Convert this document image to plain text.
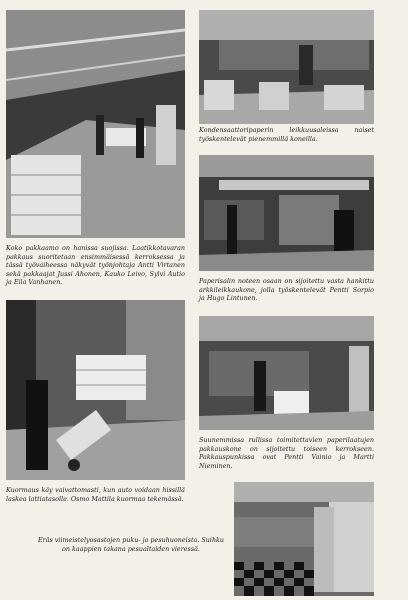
Kondensaattoripaperin leikkuusaleissa naiset työskentelevät pienemmillä koneilla.
Paperisalin noteen osaan on sijoitettu vasta hankittu arkkileikkaukone, jolla työskentelevät Pentti Sorpio ja Hugo Lintunen.
Koko pakkaamo on hanissa suojissa. Laatikkotavaran pakkaus suoritetaan ensimmäisessä kerroksessa ja tässä työvaiheessa näkyvät työnjohtaja Antti Virtanen sekä pakkaajat Jussi Ahonen, Kauko Leivo, Sylvi Autio ja Eila Vanhanen.
Kuormaus käy vaivattomasti, kun auto voidaan hissillä laskea lattiatasolle. Osmo Mattila kuormaa tekemässä.
Suunemmissa rullissa toimitettavien paperilaatujen pakkauskone on sijoitettu toiseen kerrokseen. Pakkauspunkissa ovat Pentti Vainio ja Martti Nieminen.
Eräs viimeistelyosastojen puku- ja pesuhuoneista. Suihku on kaappien takana pesualtaiden vieressä.
